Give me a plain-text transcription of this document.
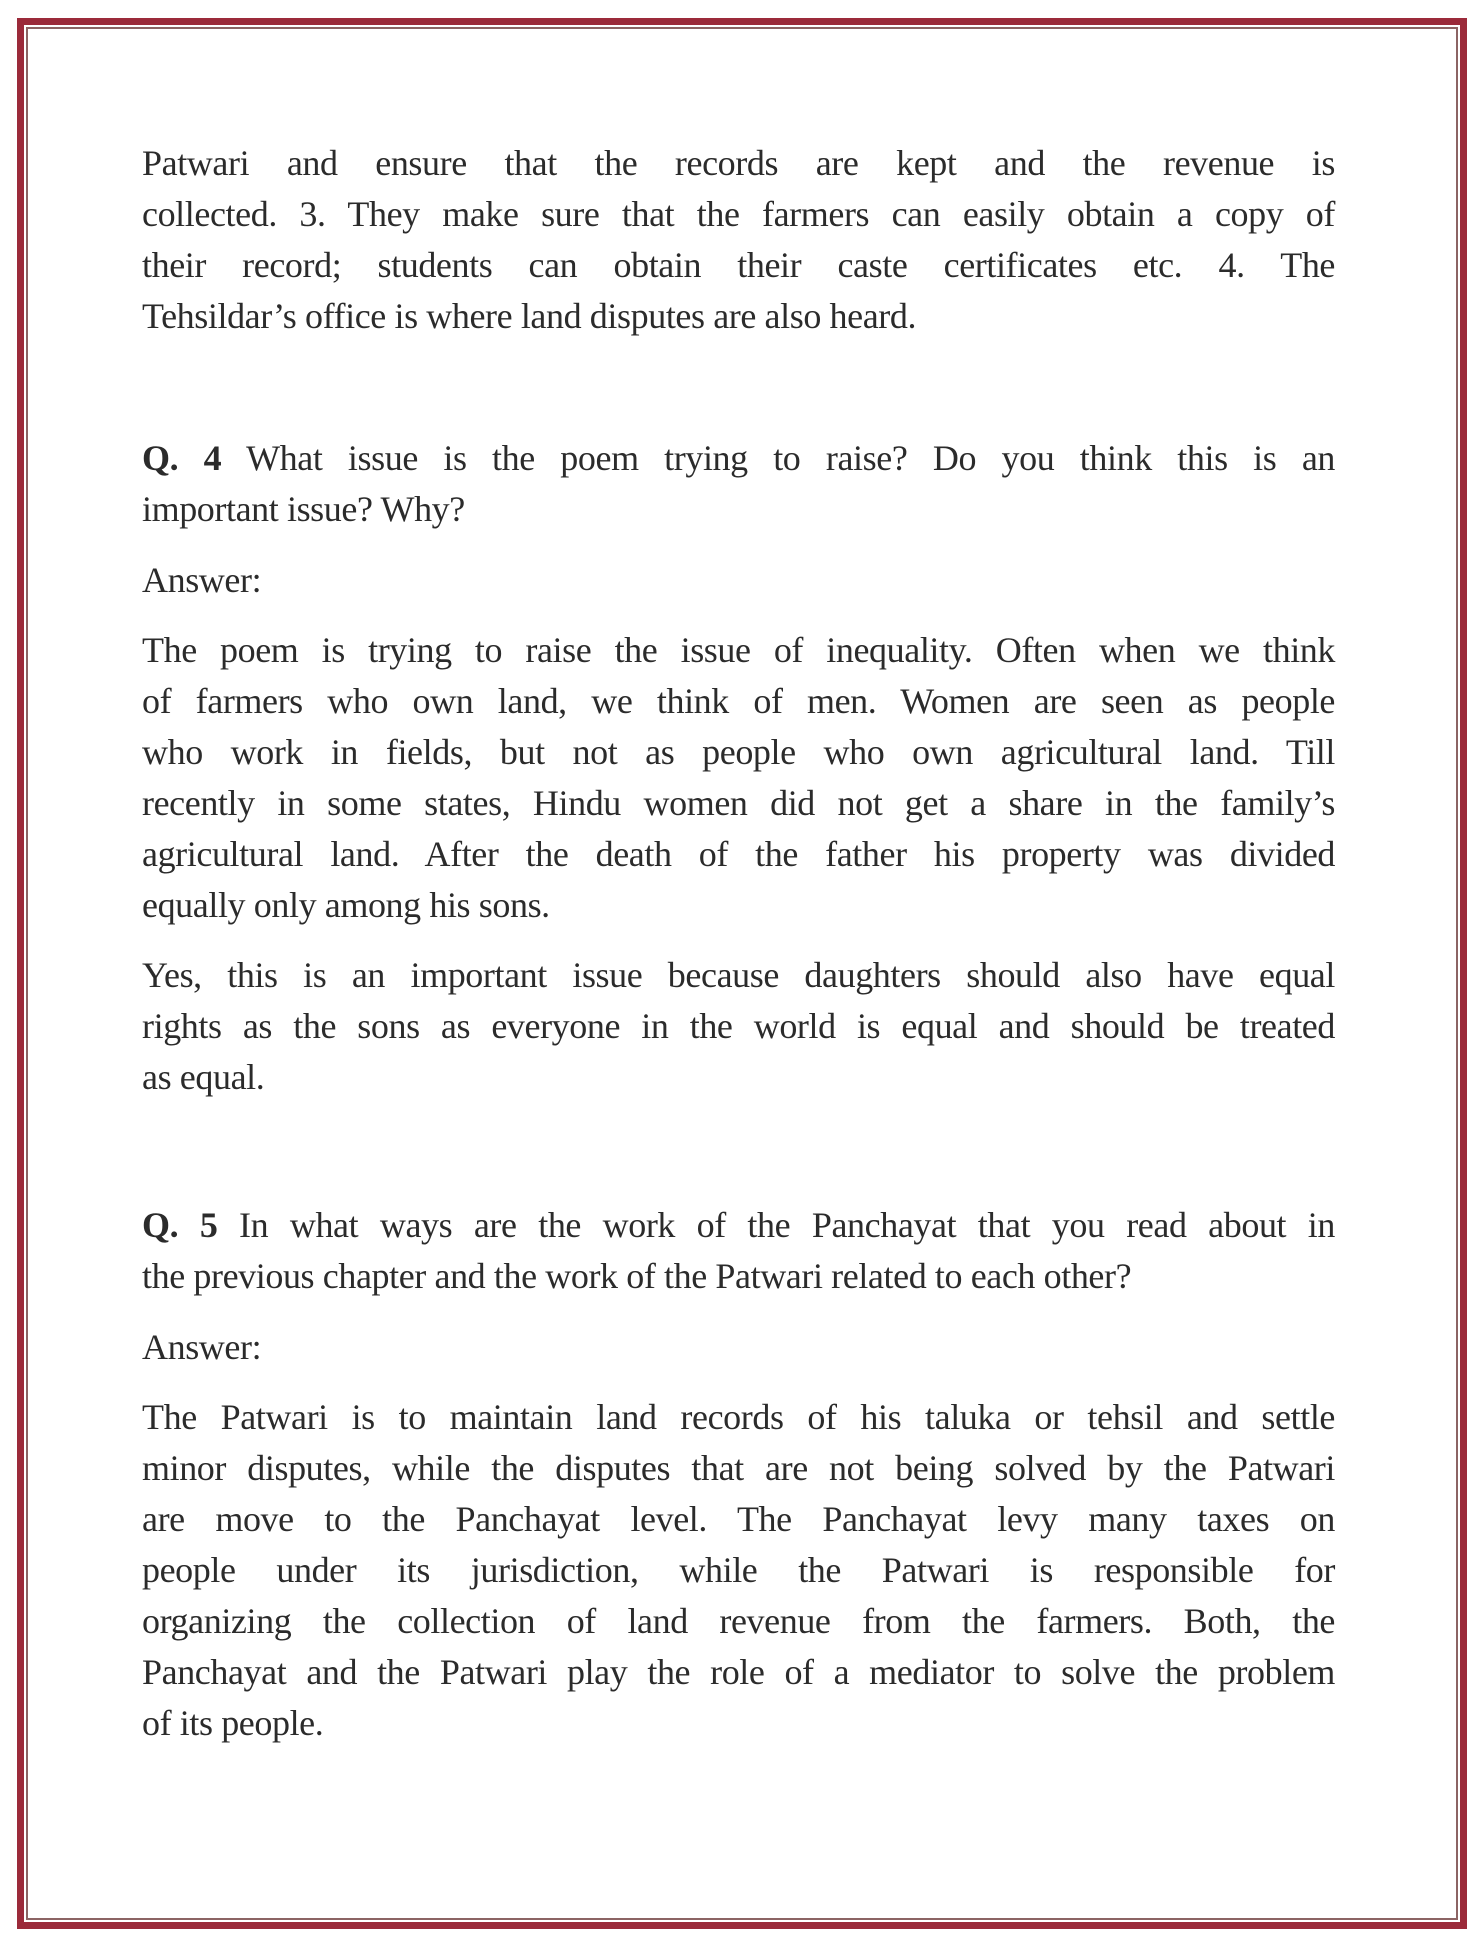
Patwari and ensure that the records are kept and the revenue is
collected. 3. They make sure that the farmers can easily obtain a copy of
their record; students can obtain their caste certificates etc. 4. The
Tehsildar’s office is where land disputes are also heard.
Q. 4 What issue is the poem trying to raise? Do you think this is an
important issue? Why?
Answer:
The poem is trying to raise the issue of inequality. Often when we think
of farmers who own land, we think of men. Women are seen as people
who work in fields, but not as people who own agricultural land. Till
recently in some states, Hindu women did not get a share in the family’s
agricultural land. After the death of the father his property was divided
equally only among his sons.
Yes, this is an important issue because daughters should also have equal
rights as the sons as everyone in the world is equal and should be treated
as equal.
Q. 5 In what ways are the work of the Panchayat that you read about in
the previous chapter and the work of the Patwari related to each other?
Answer:
The Patwari is to maintain land records of his taluka or tehsil and settle
minor disputes, while the disputes that are not being solved by the Patwari
are move to the Panchayat level. The Panchayat levy many taxes on
people under its jurisdiction, while the Patwari is responsible for
organizing the collection of land revenue from the farmers. Both, the
Panchayat and the Patwari play the role of a mediator to solve the problem
of its people.
